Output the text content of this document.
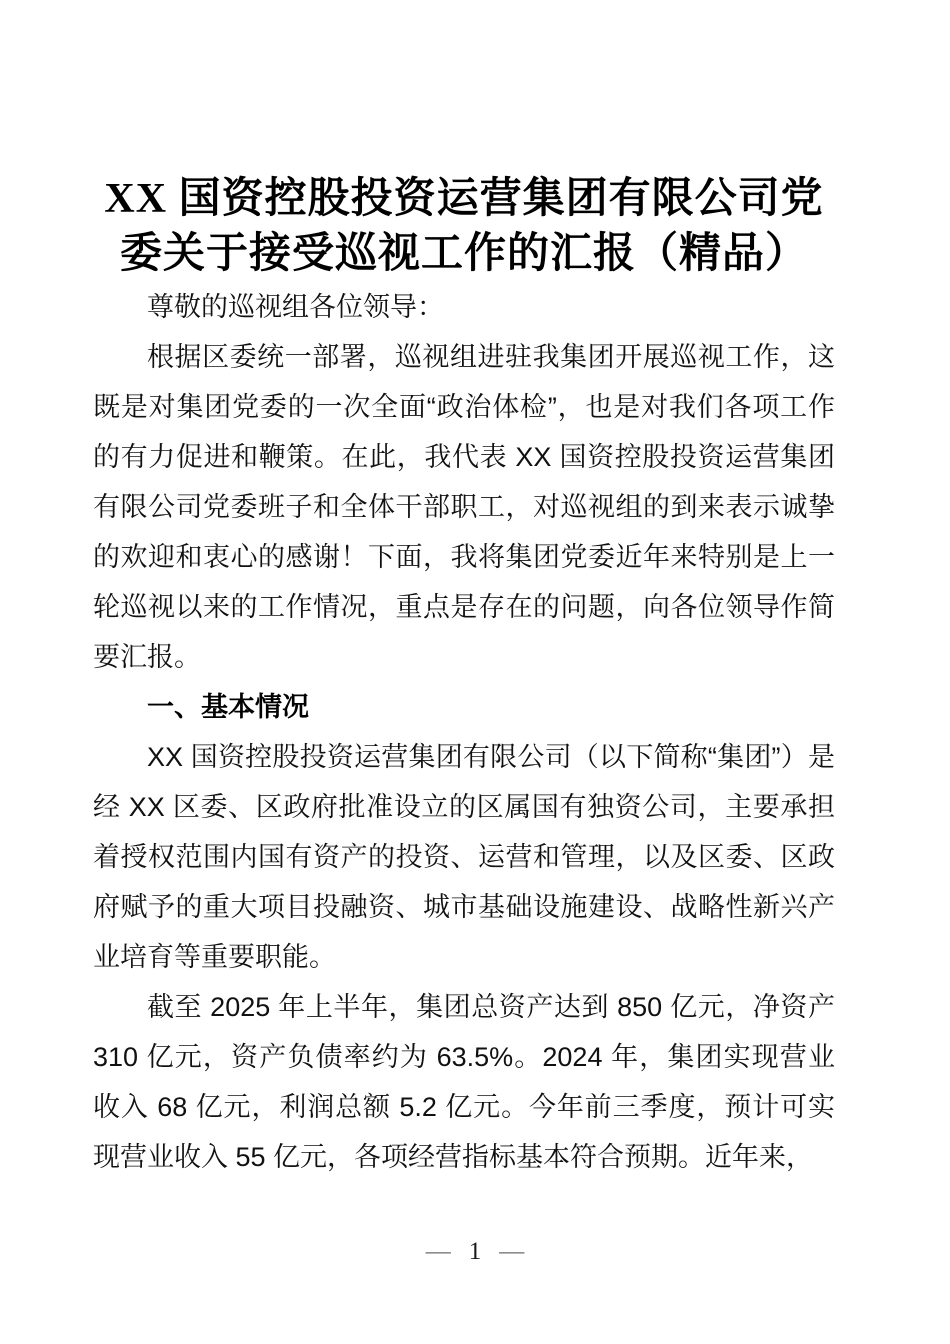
XX 国资控股投资运营集团有限公司党委关于接受巡视工作的汇报（精品）

尊敬的巡视组各位领导：

根据区委统一部署，巡视组进驻我集团开展巡视工作，这既是对集团党委的一次全面“政治体检”，也是对我们各项工作的有力促进和鞭策。在此，我代表 XX 国资控股投资运营集团有限公司党委班子和全体干部职工，对巡视组的到来表示诚挚的欢迎和衷心的感谢！下面，我将集团党委近年来特别是上一轮巡视以来的工作情况，重点是存在的问题，向各位领导作简要汇报。

一、基本情况

XX 国资控股投资运营集团有限公司（以下简称“集团”）是经 XX 区委、区政府批准设立的区属国有独资公司，主要承担着授权范围内国有资产的投资、运营和管理，以及区委、区政府赋予的重大项目投融资、城市基础设施建设、战略性新兴产业培育等重要职能。

截至 2025 年上半年，集团总资产达到 850 亿元，净资产 310 亿元，资产负债率约为 63.5%。2024 年，集团实现营业收入 68 亿元，利润总额 5.2 亿元。今年前三季度，预计可实现营业收入 55 亿元，各项经营指标基本符合预期。近年来，

— 1 —
